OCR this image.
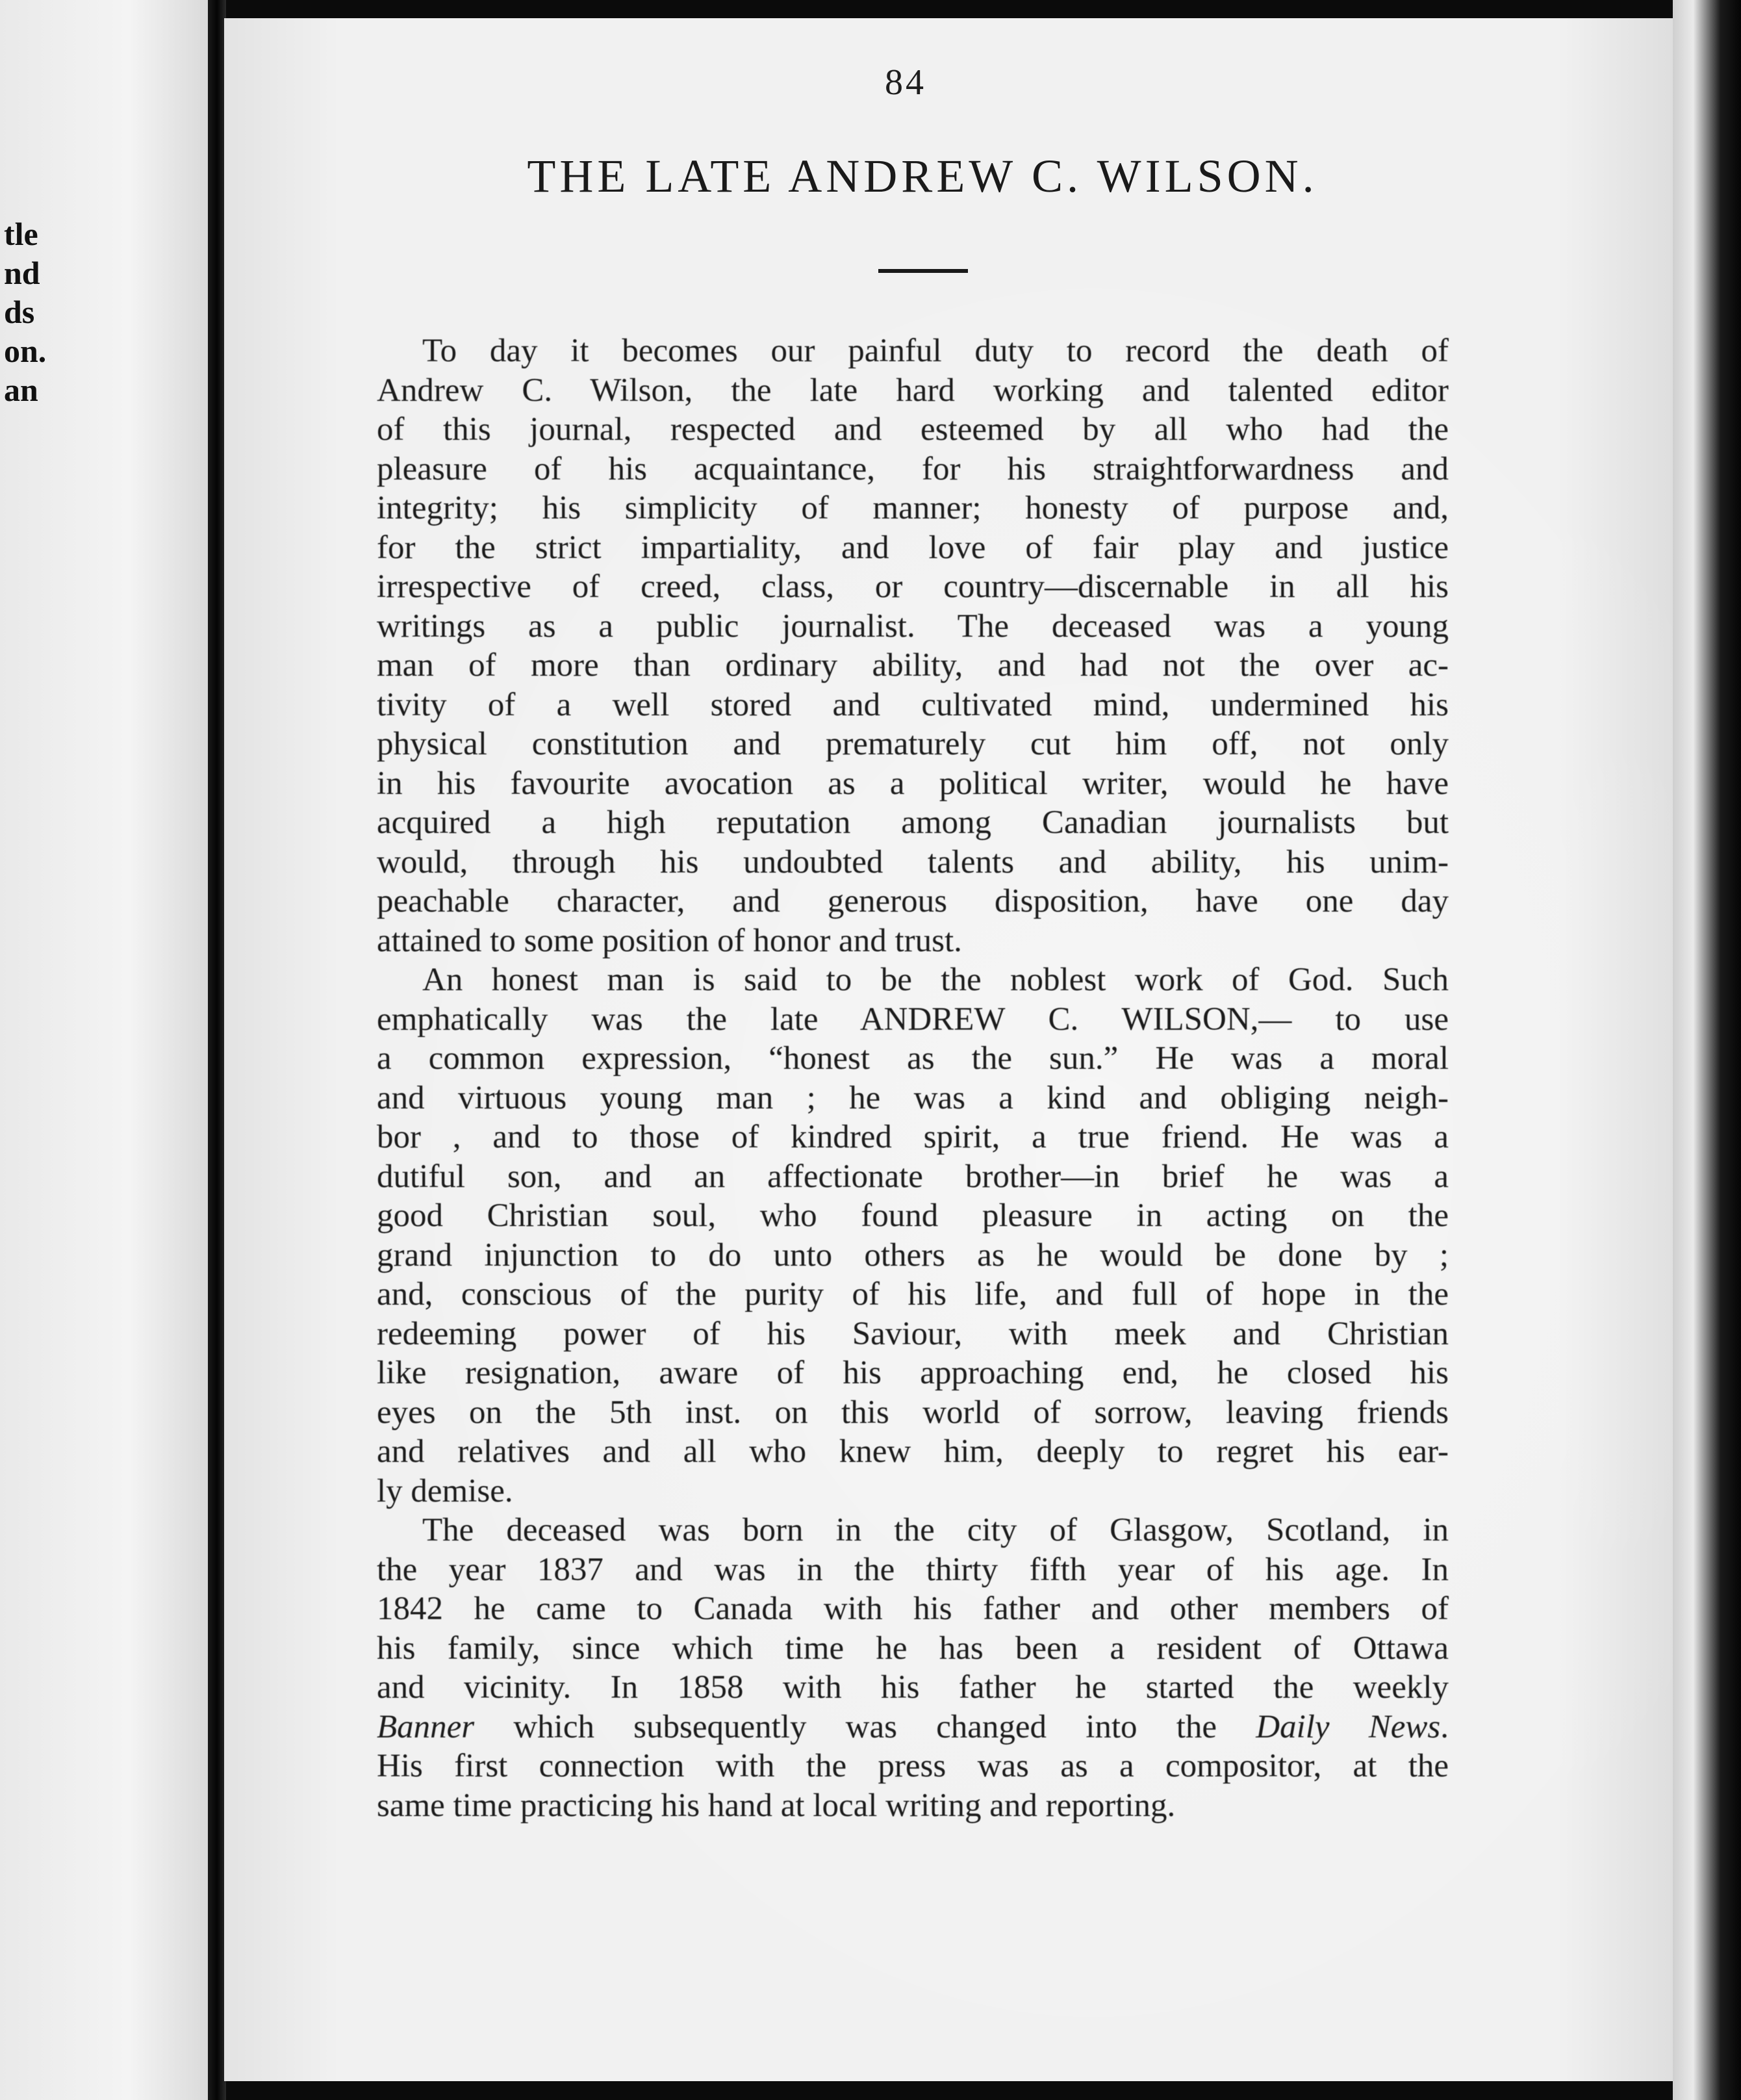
tle
nd
ds
on.
an
84
THE LATE ANDREW C. WILSON.
To day it becomes our painful duty to record the death of
Andrew C. Wilson, the late hard working and talented editor
of this journal, respected and esteemed by all who had the
pleasure of his acquaintance, for his straightforwardness and
integrity; his simplicity of manner; honesty of purpose and,
for the strict impartiality, and love of fair play and justice
irrespective of creed, class, or country—discernable in all his
writings as a public journalist. The deceased was a young
man of more than ordinary ability, and had not the over ac-
tivity of a well stored and cultivated mind, undermined his
physical constitution and prematurely cut him off, not only
in his favourite avocation as a political writer, would he have
acquired a high reputation among Canadian journalists but
would, through his undoubted talents and ability, his unim-
peachable character, and generous disposition, have one day
attained to some position of honor and trust.
An honest man is said to be the noblest work of God. Such
emphatically was the late ANDREW C. WILSON,— to use
a common expression, “honest as the sun.” He was a moral
and virtuous young man ; he was a kind and obliging neigh-
bor , and to those of kindred spirit, a true friend. He was a
dutiful son, and an affectionate brother—in brief he was a
good Christian soul, who found pleasure in acting on the
grand injunction to do unto others as he would be done by ;
and, conscious of the purity of his life, and full of hope in the
redeeming power of his Saviour, with meek and Christian
like resignation, aware of his approaching end, he closed his
eyes on the 5th inst. on this world of sorrow, leaving friends
and relatives and all who knew him, deeply to regret his ear-
ly demise.
The deceased was born in the city of Glasgow, Scotland, in
the year 1837 and was in the thirty fifth year of his age. In
1842 he came to Canada with his father and other members of
his family, since which time he has been a resident of Ottawa
and vicinity. In 1858 with his father he started the weekly
Banner which subsequently was changed into the Daily News.
His first connection with the press was as a compositor, at the
same time practicing his hand at local writing and reporting.
